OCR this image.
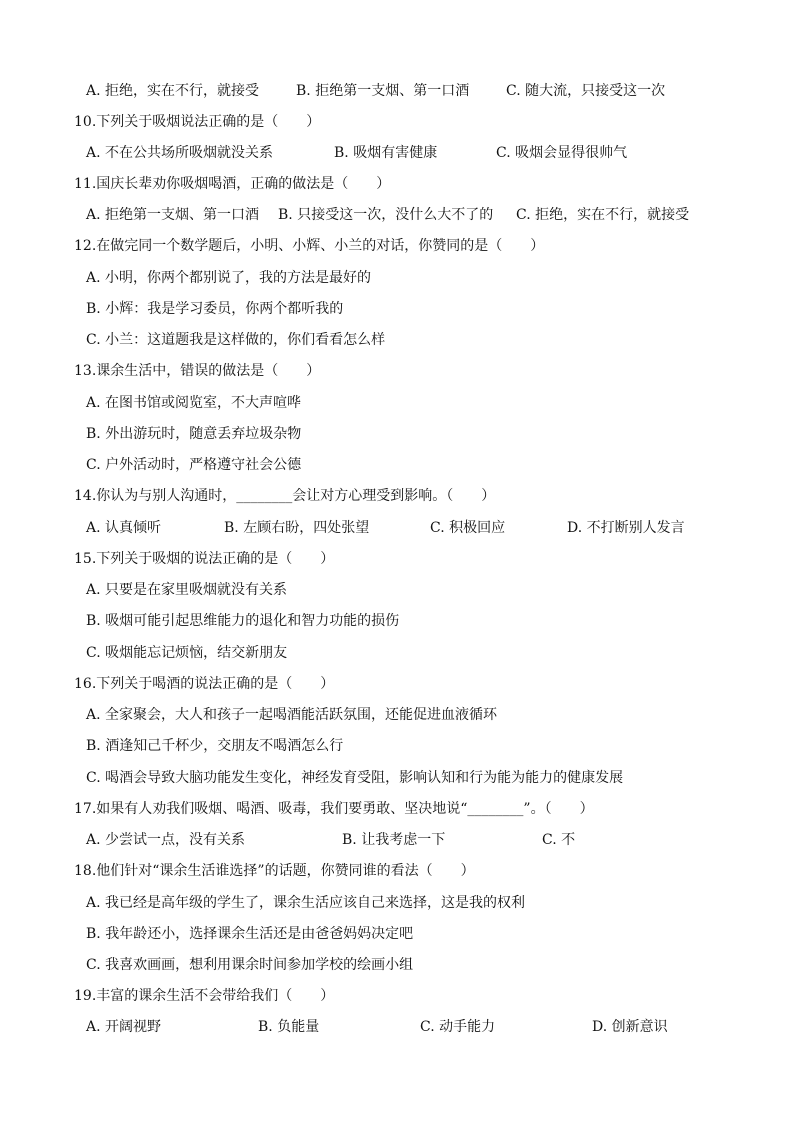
A. 拒绝，实在不行，就接受	B. 拒绝第一支烟、第一口酒	C. 随大流，只接受这一次
10.下列关于吸烟说法正确的是（　　）
A. 不在公共场所吸烟就没关系	B. 吸烟有害健康	C. 吸烟会显得很帅气
11.国庆长辈劝你吸烟喝酒，正确的做法是（　　）
A. 拒绝第一支烟、第一口酒 B. 只接受这一次，没什么大不了的 C. 拒绝，实在不行，就接受
12.在做完同一个数学题后，小明、小辉、小兰的对话，你赞同的是（　　）
A. 小明，你两个都别说了，我的方法是最好的
B. 小辉：我是学习委员，你两个都听我的
C. 小兰：这道题我是这样做的，你们看看怎么样
13.课余生活中，错误的做法是（　　）
A. 在图书馆或阅览室，不大声喧哗
B. 外出游玩时，随意丢弃垃圾杂物
C. 户外活动时，严格遵守社会公德
14.你认为与别人沟通时，________会让对方心理受到影响。（　　）
A. 认真倾听	B. 左顾右盼，四处张望	C. 积极回应	D. 不打断别人发言
15.下列关于吸烟的说法正确的是（　　）
A. 只要是在家里吸烟就没有关系
B. 吸烟可能引起思维能力的退化和智力功能的损伤
C. 吸烟能忘记烦恼，结交新朋友
16.下列关于喝酒的说法正确的是（　　）
A. 全家聚会，大人和孩子一起喝酒能活跃氛围，还能促进血液循环
B. 酒逢知己千杯少，交朋友不喝酒怎么行
C. 喝酒会导致大脑功能发生变化，神经发育受阻，影响认知和行为能为能力的健康发展
17.如果有人劝我们吸烟、喝酒、吸毒，我们要勇敢、坚决地说“________”。（　　）
A. 少尝试一点，没有关系	B. 让我考虑一下	C. 不
18.他们针对“课余生活谁选择”的话题，你赞同谁的看法（　　）
A. 我已经是高年级的学生了，课余生活应该自己来选择，这是我的权利
B. 我年龄还小，选择课余生活还是由爸爸妈妈决定吧
C. 我喜欢画画，想利用课余时间参加学校的绘画小组
19.丰富的课余生活不会带给我们（　　）
A. 开阔视野	B. 负能量	C. 动手能力	D. 创新意识
